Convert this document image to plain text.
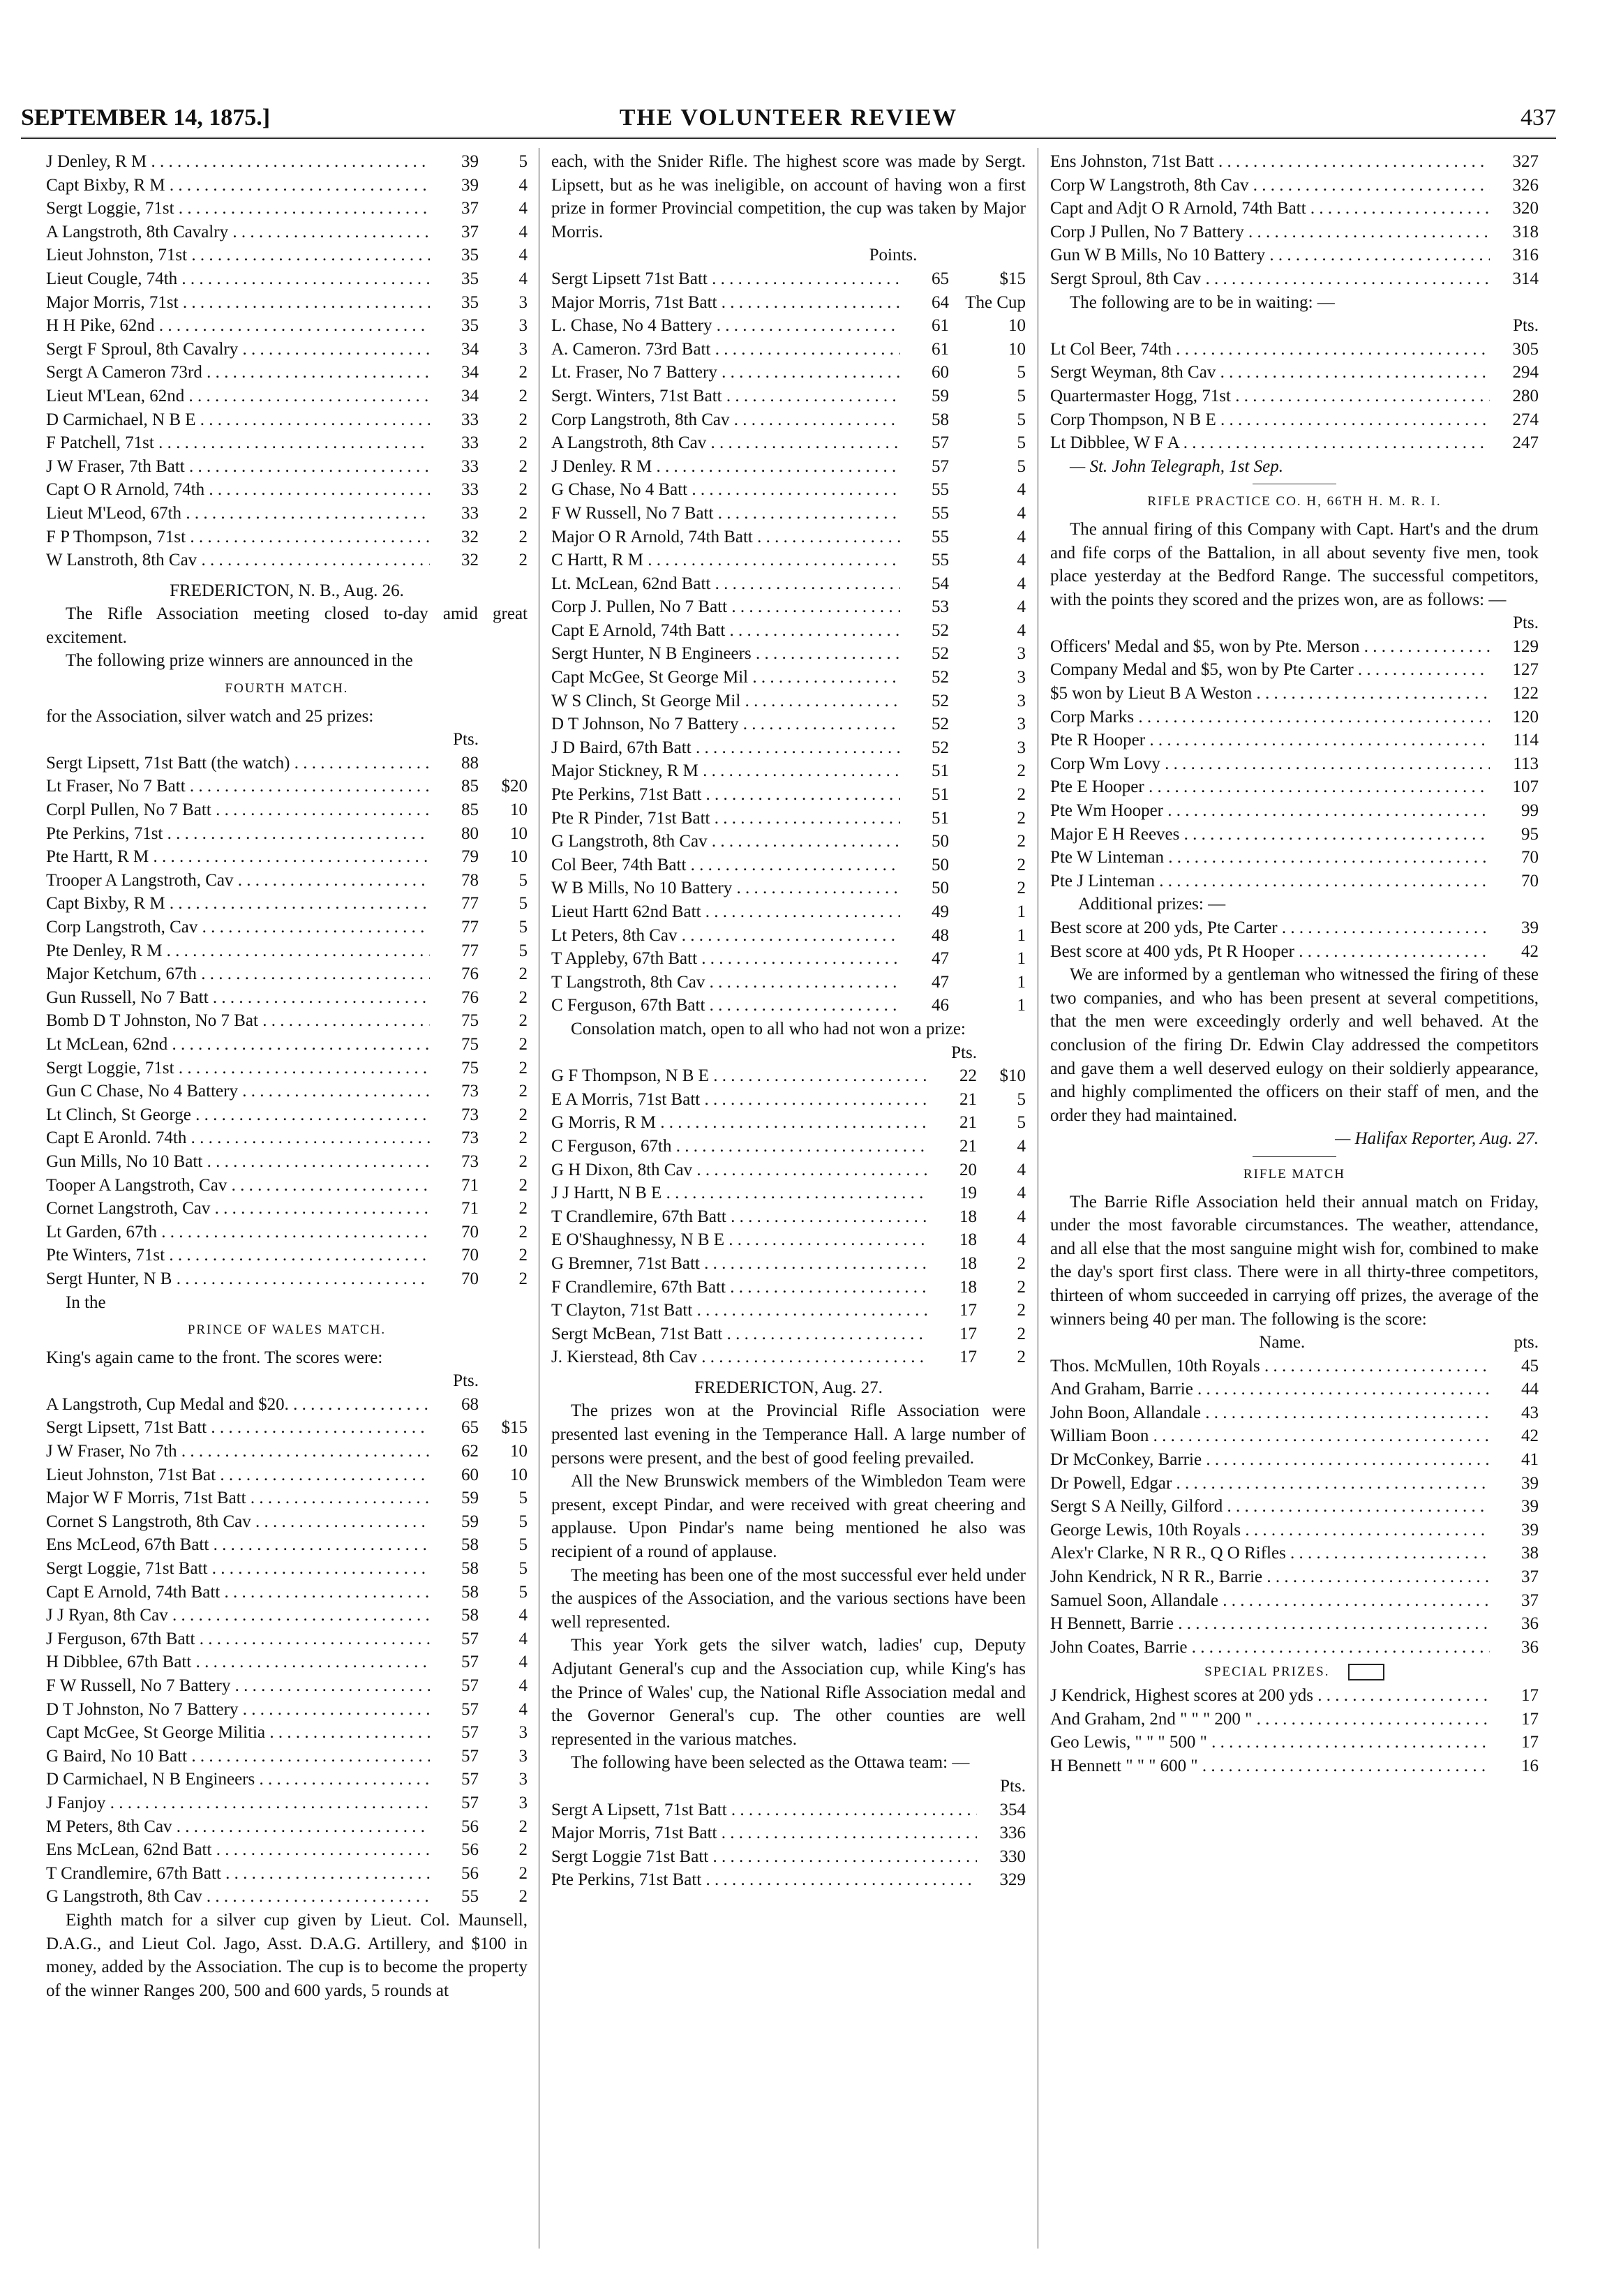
SEPTEMBER 14, 1875.]	THE VOLUNTEER REVIEW	437
J Denley, R M . . .	39	5
Capt Bixby, R M . . .	39	4
Sergt Loggie, 71st . . .	37	4
A Langstroth, 8th Cavalry . . .	37	4
Lieut Johnston, 71st . . .	35	4
Lieut Cougle, 74th . . .	35	4
Major Morris, 71st . . .	35	3
H H Pike, 62nd . . .	35	3
Sergt F Sproul, 8th Cavalry . . .	34	3
Sergt A Cameron 73rd . . .	34	2
Lieut M'Lean, 62nd . . .	34	2
D Carmichael, N B E . . .	33	2
F Patchell, 71st . . .	33	2
J W Fraser, 7th Batt . . .	33	2
Capt O R Arnold, 74th . . .	33	2
Lieut M'Leod, 67th . . .	33	2
F P Thompson, 71st . . .	32	2
W Lanstroth, 8th Cav . . .	32	2
FREDERICTON, N. B., Aug. 26.
The Rifle Association meeting closed to-day amid great excitement.
The following prize winners are announced in the
FOURTH MATCH.
for the Association, silver watch and 25 prizes:
Pts.
Sergt Lipsett, 71st Batt (the watch) . . .	88
Lt Fraser, No 7 Batt . . .	85	$20
Corpl Pullen, No 7 Batt . . .	85	10
Pte Perkins, 71st . . .	80	10
Pte Hartt, R M . . .	79	10
Trooper A Langstroth, Cav . . .	78	5
Capt Bixby, R M . . .	77	5
Corp Langstroth, Cav . . .	77	5
Pte Denley, R M . . .	77	5
Major Ketchum, 67th . . .	76	2
Gun Russell, No 7 Batt . . .	76	2
Bomb D T Johnston, No 7 Bat . . .	75	2
Lt McLean, 62nd . . .	75	2
Sergt Loggie, 71st . . .	75	2
Gun C Chase, No 4 Battery . . .	73	2
Lt Clinch, St George . . .	73	2
Capt E Aronld. 74th . . .	73	2
Gun Mills, No 10 Batt . . .	73	2
Tooper A Langstroth, Cav . . .	71	2
Cornet Langstroth, Cav . . .	71	2
Lt Garden, 67th . . .	70	2
Pte Winters, 71st . . .	70	2
Sergt Hunter, N B . . .	70	2
In the
PRINCE OF WALES MATCH.
King's again came to the front. The scores were:
Pts.
A Langstroth, Cup Medal and $20. . . .	68
Sergt Lipsett, 71st Batt . . .	65	$15
J W Fraser, No 7th . . .	62	10
Lieut Johnston, 71st Bat . . .	60	10
Major W F Morris, 71st Batt . . .	59	5
Cornet S Langstroth, 8th Cav . . .	59	5
Ens McLeod, 67th Batt . . .	58	5
Sergt Loggie, 71st Batt . . .	58	5
Capt E Arnold, 74th Batt . . .	58	5
J J Ryan, 8th Cav . . .	58	4
J Ferguson, 67th Batt . . .	57	4
H Dibblee, 67th Batt . . .	57	4
F W Russell, No 7 Battery . . .	57	4
D T Johnston, No 7 Battery . . .	57	4
Capt McGee, St George Militia . . .	57	3
G Baird, No 10 Batt . . .	57	3
D Carmichael, N B Engineers . . .	57	3
J Fanjoy . . .	57	3
M Peters, 8th Cav . . .	56	2
Ens McLean, 62nd Batt . . .	56	2
T Crandlemire, 67th Batt . . .	56	2
G Langstroth, 8th Cav . . .	55	2
Eighth match for a silver cup given by Lieut. Col. Maunsell, D.A.G., and Lieut Col. Jago, Asst. D.A.G. Artillery, and $100 in money, added by the Association. The cup is to become the property of the winner Ranges 200, 500 and 600 yards, 5 rounds at
each, with the Snider Rifle. The highest score was made by Sergt. Lipsett, but as he was ineligible, on account of having won a first prize in former Provincial competition, the cup was taken by Major Morris.
Points.
Sergt Lipsett 71st Batt . . .	65	$15
Major Morris, 71st Batt . . .	64 The Cup
L. Chase, No 4 Battery . . .	61	10
A. Cameron. 73rd Batt . . .	61	10
Lt. Fraser, No 7 Battery . . .	60	5
Sergt. Winters, 71st Batt . . .	59	5
Corp Langstroth, 8th Cav . . .	58	5
A Langstroth, 8th Cav . . .	57	5
J Denley. R M . . .	57	5
G Chase, No 4 Batt . . .	55	4
F W Russell, No 7 Batt . . .	55	4
Major O R Arnold, 74th Batt . . .	55	4
C Hartt, R M . . .	55	4
Lt. McLean, 62nd Batt . . .	54	4
Corp J. Pullen, No 7 Batt . . .	53	4
Capt E Arnold, 74th Batt . . .	52	4
Sergt Hunter, N B Engineers . . .	52	3
Capt McGee, St George Mil . . .	52	3
W S Clinch, St George Mil . . .	52	3
D T Johnson, No 7 Battery . . .	52	3
J D Baird, 67th Batt . . .	52	3
Major Stickney, R M . . .	51	2
Pte Perkins, 71st Batt . . .	51	2
Pte R Pinder, 71st Batt . . .	51	2
G Langstroth, 8th Cav . . .	50	2
Col Beer, 74th Batt . . .	50	2
W B Mills, No 10 Battery . . .	50	2
Lieut Hartt 62nd Batt . . .	49	1
Lt Peters, 8th Cav . . .	48	1
T Appleby, 67th Batt . . .	47	1
T Langstroth, 8th Cav . . .	47	1
C Ferguson, 67th Batt . . .	46	1
Consolation match, open to all who had not won a prize:
Pts.
G F Thompson, N B E . . .	22	$10
E A Morris, 71st Batt . . .	21	5
G Morris, R M . . .	21	5
C Ferguson, 67th . . .	21	4
G H Dixon, 8th Cav . . .	20	4
J J Hartt, N B E . . .	19	4
T Crandlemire, 67th Batt . . .	18	4
E O'Shaughnessy, N B E . . .	18	4
G Bremner, 71st Batt . . .	18	2
F Crandlemire, 67th Batt . . .	18	2
T Clayton, 71st Batt . . .	17	2
Sergt McBean, 71st Batt . . .	17	2
J. Kierstead, 8th Cav . . .	17	2
FREDERICTON, Aug. 27.
The prizes won at the Provincial Rifle Association were presented last evening in the Temperance Hall. A large number of persons were present, and the best of good feeling prevailed.
All the New Brunswick members of the Wimbledon Team were present, except Pindar, and were received with great cheering and applause. Upon Pindar's name being mentioned he also was recipient of a round of applause.
The meeting has been one of the most successful ever held under the auspices of the Association, and the various sections have been well represented.
This year York gets the silver watch, ladies' cup, Deputy Adjutant General's cup and the Association cup, while King's has the Prince of Wales' cup, the National Rifle Association medal and the Governor General's cup. The other counties are well represented in the various matches.
The following have been selected as the Ottawa team: —
Pts.
Sergt A Lipsett, 71st Batt . . .	354
Major Morris, 71st Batt . . .	336
Sergt Loggie 71st Batt . . .	330
Pte Perkins, 71st Batt . . .	329
Ens Johnston, 71st Batt . . .	327
Corp W Langstroth, 8th Cav . . .	326
Capt and Adjt O R Arnold, 74th Batt . . .	320
Corp J Pullen, No 7 Battery . . .	318
Gun W B Mills, No 10 Battery . . .	316
Sergt Sproul, 8th Cav . . .	314
The following are to be in waiting: —
Pts.
Lt Col Beer, 74th . . .	305
Sergt Weyman, 8th Cav . . .	294
Quartermaster Hogg, 71st . . .	280
Corp Thompson, N B E . . .	274
Lt Dibblee, W F A . . .	247
— St. John Telegraph, 1st Sep.
RIFLE PRACTICE CO. H, 66TH H. M. R. I.
The annual firing of this Company with Capt. Hart's and the drum and fife corps of the Battalion, in all about seventy five men, took place yesterday at the Bedford Range. The successful competitors, with the points they scored and the prizes won, are as follows: —
Pts.
Officers' Medal and $5, won by Pte. Merson . . .	129
Company Medal and $5, won by Pte Carter . . .	127
$5 won by Lieut B A Weston . . .	122
Corp Marks . . .	120
Pte R Hooper . . .	114
Corp Wm Lovy . . .	113
Pte E Hooper . . .	107
Pte Wm Hooper . . .	99
Major E H Reeves . . .	95
Pte W Linteman . . .	70
Pte J Linteman . . .	70
Additional prizes: —
Best score at 200 yds, Pte Carter . . .	39
Best score at 400 yds, Pt R Hooper . . .	42
We are informed by a gentleman who witnessed the firing of these two companies, and who has been present at several competitions, that the men were exceedingly orderly and well behaved. At the conclusion of the firing Dr. Edwin Clay addressed the competitors and gave them a well deserved eulogy on their soldierly appearance, and highly complimented the officers on their staff of men, and the order they had maintained.
— Halifax Reporter, Aug. 27.
RIFLE MATCH
The Barrie Rifle Association held their annual match on Friday, under the most favorable circumstances. The weather, attendance, and all else that the most sanguine might wish for, combined to make the day's sport first class. There were in all thirty-three competitors, thirteen of whom succeeded in carrying off prizes, the average of the winners being 40 per man. The following is the score:
Name.	pts.
Thos. McMullen, 10th Royals . . .	45
And Graham, Barrie . . .	44
John Boon, Allandale . . .	43
William Boon . . .	42
Dr McConkey, Barrie . . .	41
Dr Powell, Edgar . . .	39
Sergt S A Neilly, Gilford . . .	39
George Lewis, 10th Royals . . .	39
Alex'r Clarke, N R R., Q O Rifles . . .	38
John Kendrick, N R R., Barrie . . .	37
Samuel Soon, Allandale . . .	37
H Bennett, Barrie . . .	36
John Coates, Barrie . . .	36
SPECIAL PRIZES.
J Kendrick, Highest scores at 200 yds . . .	17
And Graham, 2nd " " " 200 " . . .	17
Geo Lewis, " " " 500 " . . .	17
H Bennett " " " 600 " . . .	16
